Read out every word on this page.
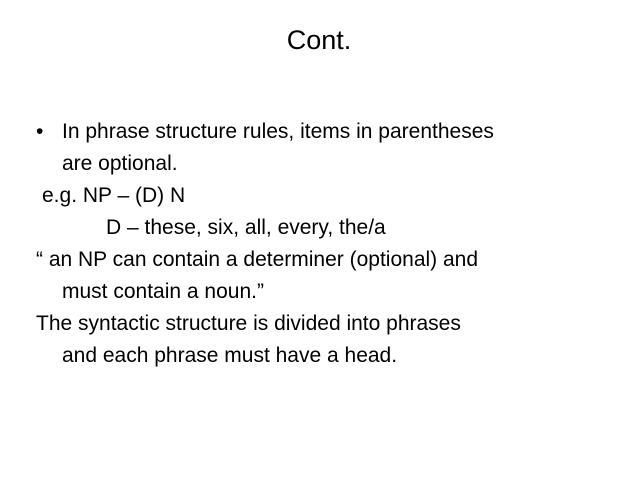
Cont.
• In phrase structure rules, items in parentheses
are optional.
e.g. NP – (D) N
D – these, six, all, every, the/a
“ an NP can contain a determiner (optional) and
must contain a noun.”
The syntactic structure is divided into phrases
and each phrase must have a head.
